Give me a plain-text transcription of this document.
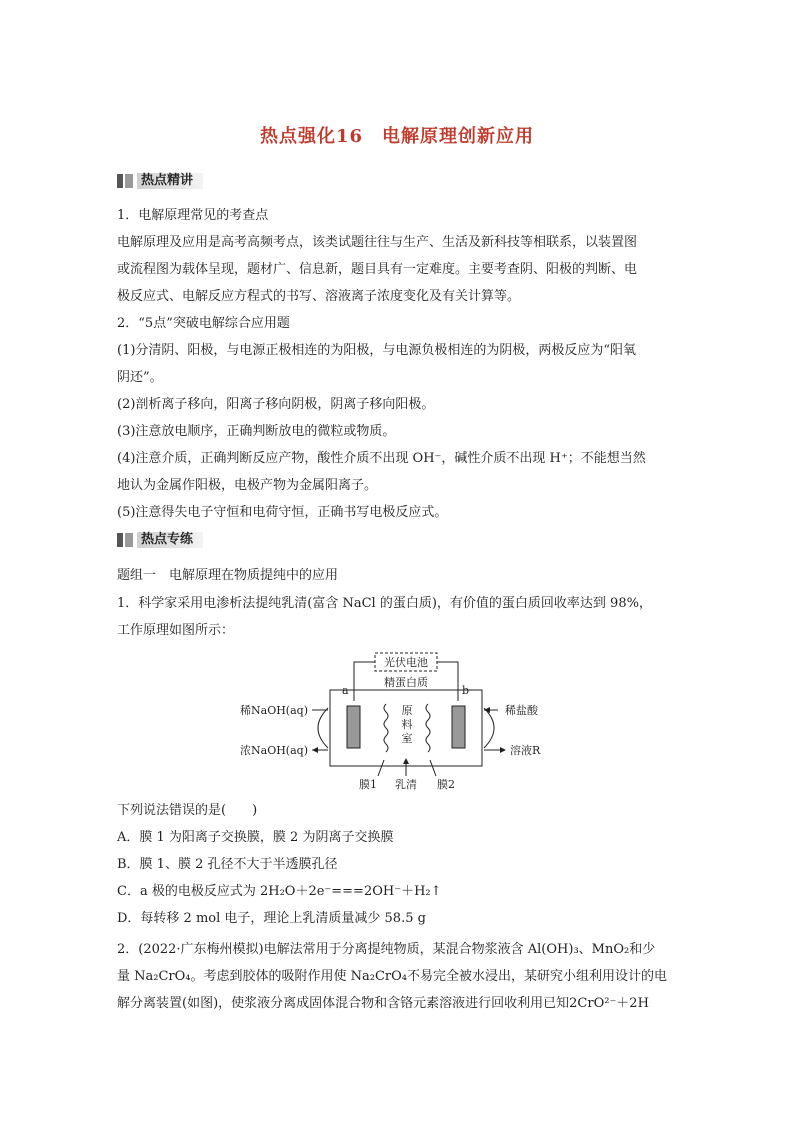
热点强化16　电解原理创新应用
热点精讲
1．电解原理常见的考查点
电解原理及应用是高考高频考点，该类试题往往与生产、生活及新科技等相联系，以装置图
或流程图为载体呈现，题材广、信息新，题目具有一定难度。主要考查阴、阳极的判断、电
极反应式、电解反应方程式的书写、溶液离子浓度变化及有关计算等。
2．“5点”突破电解综合应用题
(1)分清阴、阳极，与电源正极相连的为阳极，与电源负极相连的为阴极，两极反应为“阳氧
阴还”。
(2)剖析离子移向，阳离子移向阴极，阴离子移向阳极。
(3)注意放电顺序，正确判断放电的微粒或物质。
(4)注意介质，正确判断反应产物，酸性介质不出现 OH⁻，碱性介质不出现 H⁺；不能想当然
地认为金属作阳极，电极产物为金属阳离子。
(5)注意得失电子守恒和电荷守恒，正确书写电极反应式。
热点专练
题组一　电解原理在物质提纯中的应用
1．科学家采用电渗析法提纯乳清(富含 NaCl 的蛋白质)，有价值的蛋白质回收率达到 98%，
工作原理如图所示：
光伏电池
精蛋白质
a	b
稀NaOH(aq)
浓NaOH(aq)
稀盐酸
溶液R
原
料
室
膜1 乳清 膜2
下列说法错误的是(　　)
A．膜 1 为阳离子交换膜，膜 2 为阴离子交换膜
B．膜 1、膜 2 孔径不大于半透膜孔径
C．a 极的电极反应式为 2H₂O＋2e⁻===2OH⁻＋H₂↑
D．每转移 2 mol 电子，理论上乳清质量减少 58.5 g
2．(2022·广东梅州模拟)电解法常用于分离提纯物质，某混合物浆液含 Al(OH)₃、MnO₂和少
量 Na₂CrO₄。考虑到胶体的吸附作用使 Na₂CrO₄不易完全被水浸出，某研究小组利用设计的电
解分离装置(如图)，使浆液分离成固体混合物和含铬元素溶液进行回收利用已知2CrO²⁻＋2H
